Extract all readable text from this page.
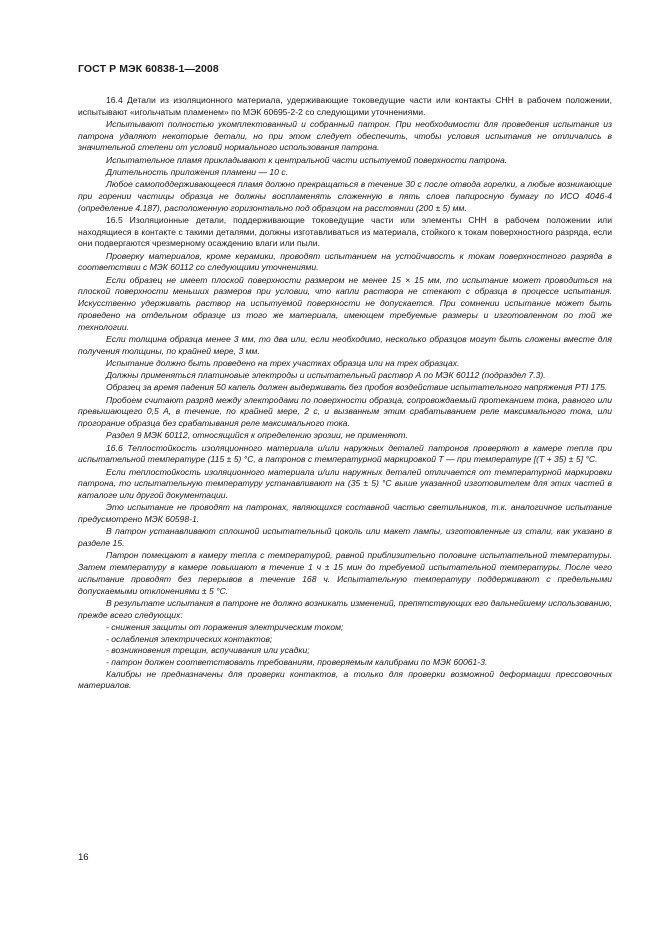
ГОСТ Р МЭК 60838-1—2008

16.4 Детали из изоляционного материала, удерживающие токоведущие части или контакты СНН в рабочем положении, испытывают «игольчатым пламенем» по МЭК 60695-2-2 со следующими уточнениями.

Испытывают полностью укомплектованный и собранный патрон. При необходимости для проведения испытания из патрона удаляют некоторые детали, но при этом следует обеспечить, чтобы условия испытания не отличались в значительной степени от условий нормального использования патрона.

Испытательное пламя прикладывают к центральной части испытуемой поверхности патрона.

Длительность приложения пламени — 10 с.

Любое самоподдерживающееся пламя должно прекращаться в течение 30 с после отвода горелки, а любые возникающие при горении частицы образца не должны воспламенять сложенную в пять слоев папиросную бумагу по ИСО 4046-4 (определение 4.187), расположенную горизонтально под образцом на расстоянии (200 ± 5) мм.

16.5 Изоляционные детали, поддерживающие токоведущие части или элементы СНН в рабочем положении или находящиеся в контакте с такими деталями, должны изготавливаться из материала, стойкого к токам поверхностного разряда, если они подвергаются чрезмерному осаждению влаги или пыли.

Проверку материалов, кроме керамики, проводят испытанием на устойчивость к токам поверхностного разряда в соответствии с МЭК 60112 со следующими уточнениями.

Если образец не имеет плоской поверхности размером не менее 15 × 15 мм, то испытание может проводиться на плоской поверхности меньших размеров при условии, что капли раствора не стекают с образца в процессе испытания. Искусственно удерживать раствор на испытуемой поверхности не допускается. При сомнении испытание может быть проведено на отдельном образце из того же материала, имеющем требуемые размеры и изготовленном по той же технологии.

Если толщина образца менее 3 мм, то два или, если необходимо, несколько образцов могут быть сложены вместе для получения толщины, по крайней мере, 3 мм.

Испытание должно быть проведено на трех участках образца или на трех образцах.

Должны применяться платиновые электроды и испытательный раствор А по МЭК 60112 (подраздел 7.3).

Образец за время падения 50 капель должен выдерживать без пробоя воздействие испытательного напряжения PTI 175.

Пробоем считают разряд между электродами по поверхности образца, сопровождаемый протеканием тока, равного или превышающего 0,5 А, в течение, по крайней мере, 2 с, и вызванным этим срабатыванием реле максимального тока, или прогорание образца без срабатывания реле максимального тока.

Раздел 9 МЭК 60112, относящийся к определению эрозии, не применяют.

16.6 Теплостойкость изоляционного материала и/или наружных деталей патронов проверяют в камере тепла при испытательной температуре (115 ± 5) °С, а патронов с температурной маркировкой Т — при температуре [(Т + 35) ± 5] °С.

Если теплостойкость изоляционного материала и/или наружных деталей отличается от температурной маркировки патрона, то испытательную температуру устанавливают на (35 ± 5) °С выше указанной изготовителем для этих частей в каталоге или другой документации.

Это испытание не проводят на патронах, являющихся составной частью светильников, т.к. аналогичное испытание предусмотрено МЭК 60598-1.

В патрон устанавливают сплошной испытательный цоколь или макет лампы, изготовленные из стали, как указано в разделе 15.

Патрон помещают в камеру тепла с температурой, равной приблизительно половине испытательной температуры. Затем температуру в камере повышают в течение 1 ч ± 15 мин до требуемой испытательной температуры. После чего испытание проводят без перерывов в течение 168 ч. Испытательную температуру поддерживают с предельными допускаемыми отклонениями ± 5 °С.

В результате испытания в патроне не должно возникать изменений, препятствующих его дальнейшему использованию, прежде всего следующих:

- снижения защиты от поражения электрическим током;
- ослабления электрических контактов;
- возникновения трещин, вспучивания или усадки;
- патрон должен соответствовать требованиям, проверяемым калибрами по МЭК 60061-3.

Калибры не предназначены для проверки контактов, а только для проверки возможной деформации прессовочных материалов.

16
